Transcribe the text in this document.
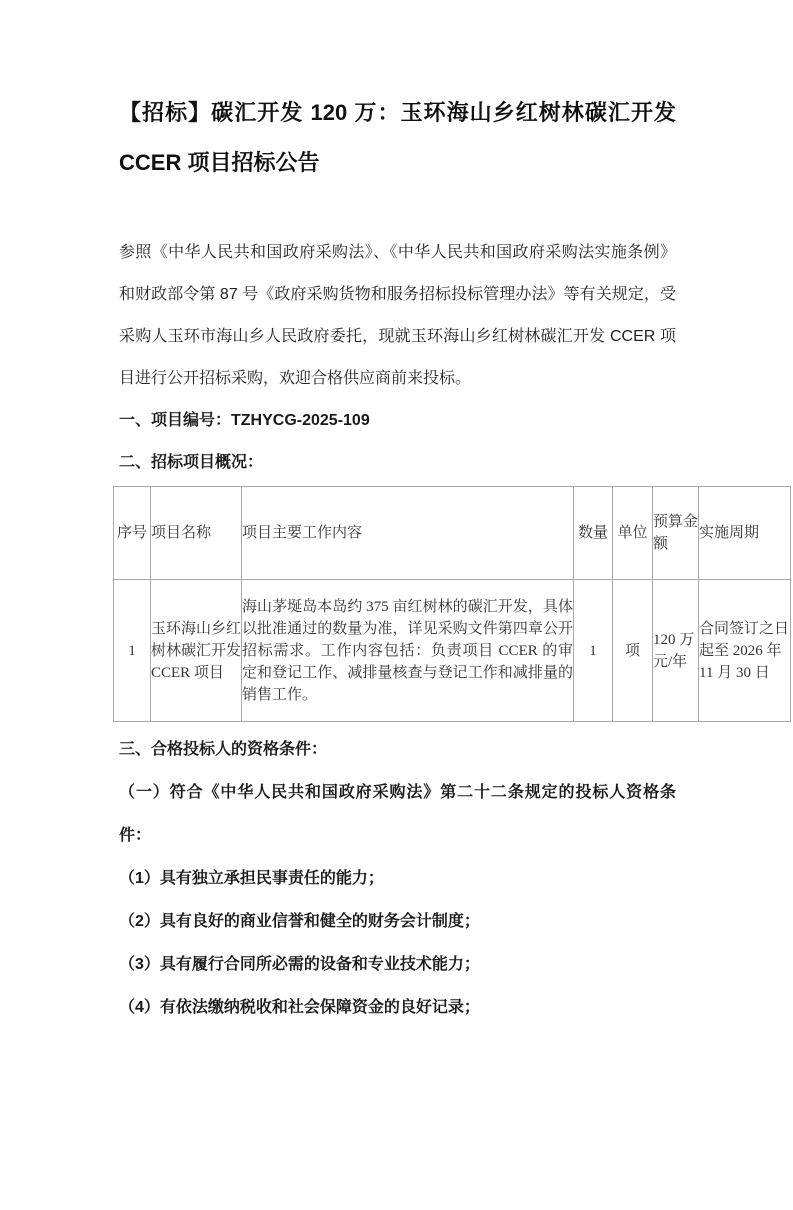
【招标】碳汇开发 120 万：玉环海山乡红树林碳汇开发 CCER 项目招标公告

参照《中华人民共和国政府采购法》、《中华人民共和国政府采购法实施条例》和财政部令第 87 号《政府采购货物和服务招标投标管理办法》等有关规定，受采购人玉环市海山乡人民政府委托，现就玉环海山乡红树林碳汇开发 CCER 项目进行公开招标采购，欢迎合格供应商前来投标。

一、项目编号：TZHYCG-2025-109

二、招标项目概况：

序号	项目名称	项目主要工作内容	数量	单位	预算金额	实施周期
1	玉环海山乡红树林碳汇开发 CCER 项目	海山茅埏岛本岛约 375 亩红树林的碳汇开发，具体以批准通过的数量为准，详见采购文件第四章公开招标需求。工作内容包括：负责项目 CCER 的审定和登记工作、减排量核查与登记工作和减排量的销售工作。	1	项	120 万元/年	合同签订之日起至 2026 年 11 月 30 日

三、合格投标人的资格条件：

（一）符合《中华人民共和国政府采购法》第二十二条规定的投标人资格条件：

（1）具有独立承担民事责任的能力；

（2）具有良好的商业信誉和健全的财务会计制度；

（3）具有履行合同所必需的设备和专业技术能力；

（4）有依法缴纳税收和社会保障资金的良好记录；
